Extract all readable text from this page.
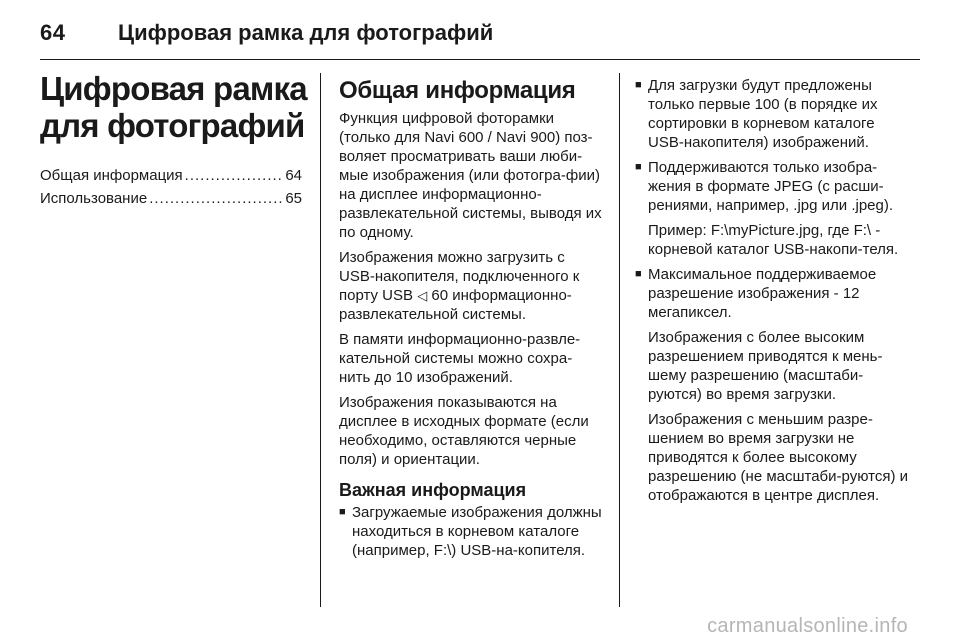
64 Цифровая рамка для фотографий
Цифровая рамка для фотографий
Общая информация .....	64
Использование .....	65
Общая информация

Функция цифровой фоторамки (только для Navi 600 / Navi 900) поз-воляет просматривать ваши люби-мые изображения (или фотогра-фии) на дисплее информационно-развлекательной системы, выводя их по одному.

Изображения можно загрузить с USB-накопителя, подключенного к порту USB ◁ 60 информационно-развлекательной системы.

В памяти информационно-развле-кательной системы можно сохра-нить до 10 изображений.

Изображения показываются на дисплее в исходных формате (если необходимо, оставляются черные поля) и ориентации.

Важная информация
■ Загружаемые изображения должны находиться в корневом каталоге (например, F:\) USB-на-копителя.
■ Для загрузки будут предложены только первые 100 (в порядке их сортировки в корневом каталоге USB-накопителя) изображений.

■ Поддерживаются только изобра-жения в формате JPEG (с расши-рениями, например, .jpg или .jpeg).

Пример: F:\myPicture.jpg, где F:\ - корневой каталог USB-накопи-теля.

■ Максимальное поддерживаемое разрешение изображения - 12 мегапиксел.

Изображения с более высоким разрешением приводятся к мень-шему разрешению (масштаби-руются) во время загрузки.

Изображения с меньшим разре-шением во время загрузки не приводятся к более высокому разрешению (не масштаби-руются) и отображаются в центре дисплея.

carmanualsonline.info
